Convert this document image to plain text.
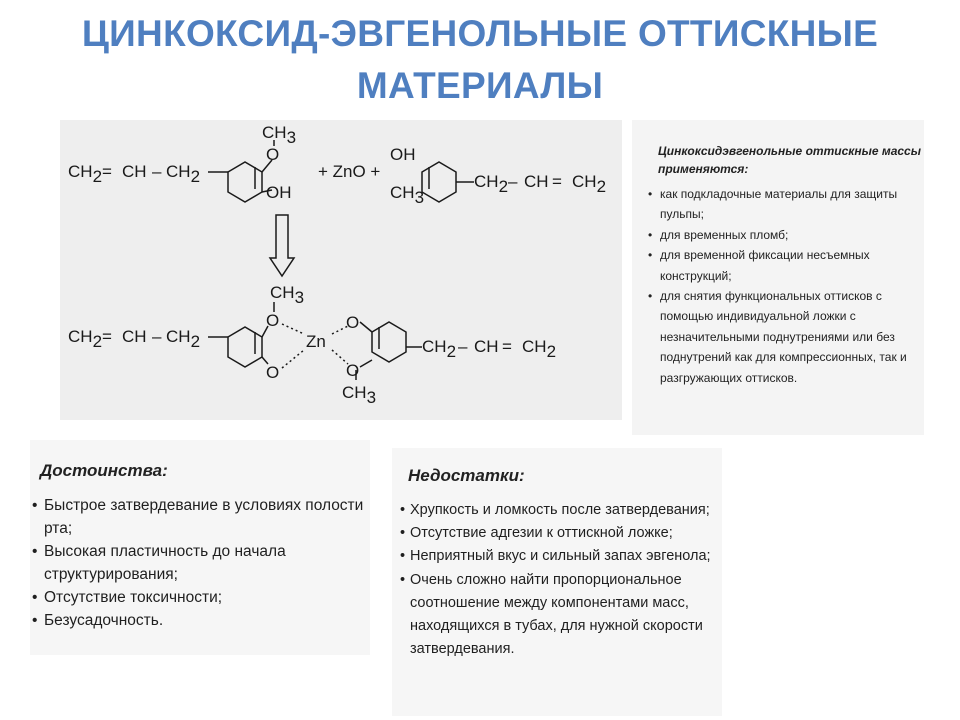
ЦИНКОКСИД-ЭВГЕНОЛЬНЫЕ ОТТИСКНЫЕ
МАТЕРИАЛЫ
CH2 = CH – CH2
O
CH3
OH
+ ZnO +
OH
CH3
CH2 – CH = CH2
CH3
O
CH2 = CH – CH2
O
Zn
O
O
CH3
CH2 – CH = CH2
Цинкоксидэвгенольные оттискные массы применяются:
• как подкладочные материалы для защиты пульпы;
• для временных пломб;
• для временной фиксации несъемных конструкций;
• для снятия функциональных оттисков с помощью индивидуальной ложки с незначительными поднутрениями или без поднутрений как для компрессионных, так и разгружающих оттисков.
Достоинства:
• Быстрое затвердевание в условиях полости рта;
• Высокая пластичность до начала структурирования;
• Отсутствие токсичности;
• Безусадочность.
Недостатки:
• Хрупкость и ломкость после затвердевания;
• Отсутствие адгезии к оттискной ложке;
• Неприятный вкус и сильный запах эвгенола;
• Очень сложно найти пропорциональное соотношение между компонентами масс, находящихся в тубах, для нужной скорости затвердевания.
